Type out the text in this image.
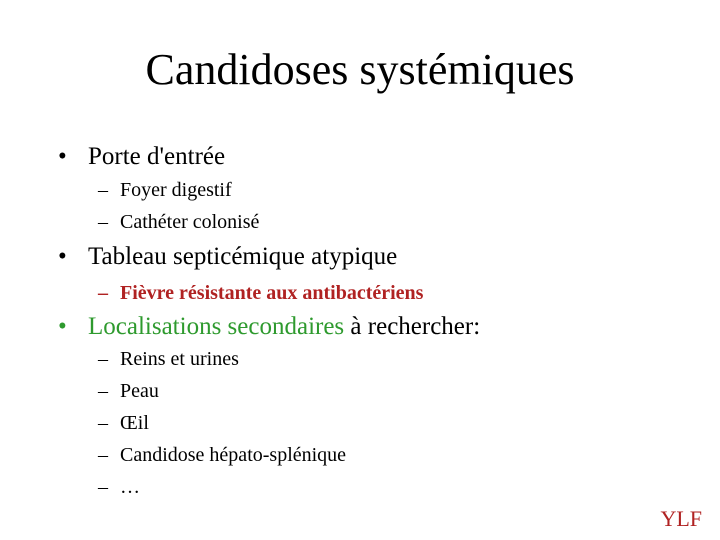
Candidoses systémiques
• Porte d'entrée
– Foyer digestif
– Cathéter colonisé
• Tableau septicémique atypique
– Fièvre résistante aux antibactériens
• Localisations secondaires à rechercher:
– Reins et urines
– Peau
– Œil
– Candidose hépato-splénique
– …
YLF
